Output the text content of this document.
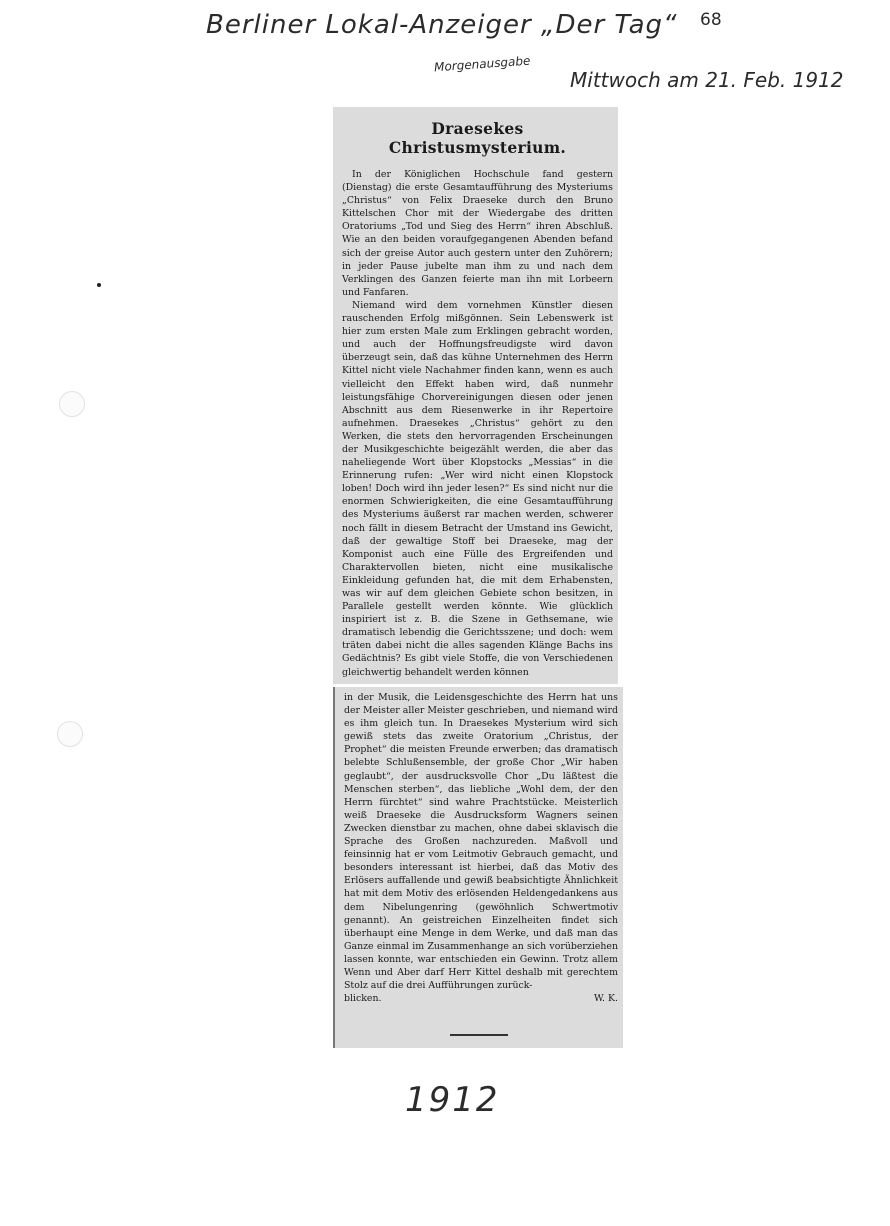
Berliner Lokal-Anzeiger „Der Tag“ 68
Morgenausgabe
Mittwoch am 21. Feb. 1912
Draesekes Christusmysterium.

In der Königlichen Hochschule fand gestern (Dienstag) die erste Gesamtaufführung des Mysteriums „Christus“ von Felix Draeseke durch den Bruno Kittelschen Chor mit der Wiedergabe des dritten Oratoriums „Tod und Sieg des Herrn“ ihren Abschluß. Wie an den beiden voraufgegangenen Abenden befand sich der greise Autor auch gestern unter den Zuhörern; in jeder Pause jubelte man ihm zu und nach dem Verklingen des Ganzen feierte man ihn mit Lorbeern und Fanfaren.

Niemand wird dem vornehmen Künstler diesen rauschenden Erfolg mißgönnen. Sein Lebenswerk ist hier zum ersten Male zum Erklingen gebracht worden, und auch der Hoffnungsfreudigste wird davon überzeugt sein, daß das kühne Unternehmen des Herrn Kittel nicht viele Nachahmer finden kann, wenn es auch vielleicht den Effekt haben wird, daß nunmehr leistungsfähige Chorvereinigungen diesen oder jenen Abschnitt aus dem Riesenwerke in ihr Repertoire aufnehmen. Draesekes „Christus“ gehört zu den Werken, die stets den hervorragenden Erscheinungen der Musikgeschichte beigezählt werden, die aber das naheliegende Wort über Klopstocks „Messias“ in die Erinnerung rufen: „Wer wird nicht einen Klopstock loben! Doch wird ihn jeder lesen?“ Es sind nicht nur die enormen Schwierigkeiten, die eine Gesamtaufführung des Mysteriums äußerst rar machen werden, schwerer noch fällt in diesem Betracht der Umstand ins Gewicht, daß der gewaltige Stoff bei Draeseke, mag der Komponist auch eine Fülle des Ergreifenden und Charaktervollen bieten, nicht eine musikalische Einkleidung gefunden hat, die mit dem Erhabensten, was wir auf dem gleichen Gebiete schon besitzen, in Parallele gestellt werden könnte. Wie glücklich inspiriert ist z. B. die Szene in Gethsemane, wie dramatisch lebendig die Gerichtsszene; und doch: wem träten dabei nicht die alles sagenden Klänge Bachs ins Gedächtnis? Es gibt viele Stoffe, die von Verschiedenen gleichwertig behandelt werden können

in der Musik, die Leidensgeschichte des Herrn hat uns der Meister aller Meister geschrieben, und niemand wird es ihm gleich tun. In Draesekes Mysterium wird sich gewiß stets das zweite Oratorium „Christus, der Prophet“ die meisten Freunde erwerben; das dramatisch belebte Schlußensemble, der große Chor „Wir haben geglaubt“, der ausdrucksvolle Chor „Du läßtest die Menschen sterben“, das liebliche „Wohl dem, der den Herrn fürchtet“ sind wahre Prachtstücke. Meisterlich weiß Draeseke die Ausdrucksform Wagners seinen Zwecken dienstbar zu machen, ohne dabei sklavisch die Sprache des Großen nachzureden. Maßvoll und feinsinnig hat er vom Leitmotiv Gebrauch gemacht, und besonders interessant ist hierbei, daß das Motiv des Erlösers auffallende und gewiß beabsichtigte Ähnlichkeit hat mit dem Motiv des erlösenden Heldengedankens aus dem Nibelungenring (gewöhnlich Schwertmotiv genannt). An geistreichen Einzelheiten findet sich überhaupt eine Menge in dem Werke, und daß man das Ganze einmal im Zusammenhange an sich vorüberziehen lassen konnte, war entschieden ein Gewinn. Trotz allem Wenn und Aber darf Herr Kittel deshalb mit gerechtem Stolz auf die drei Aufführungen zurück-

blicken.	W. K.
1912
